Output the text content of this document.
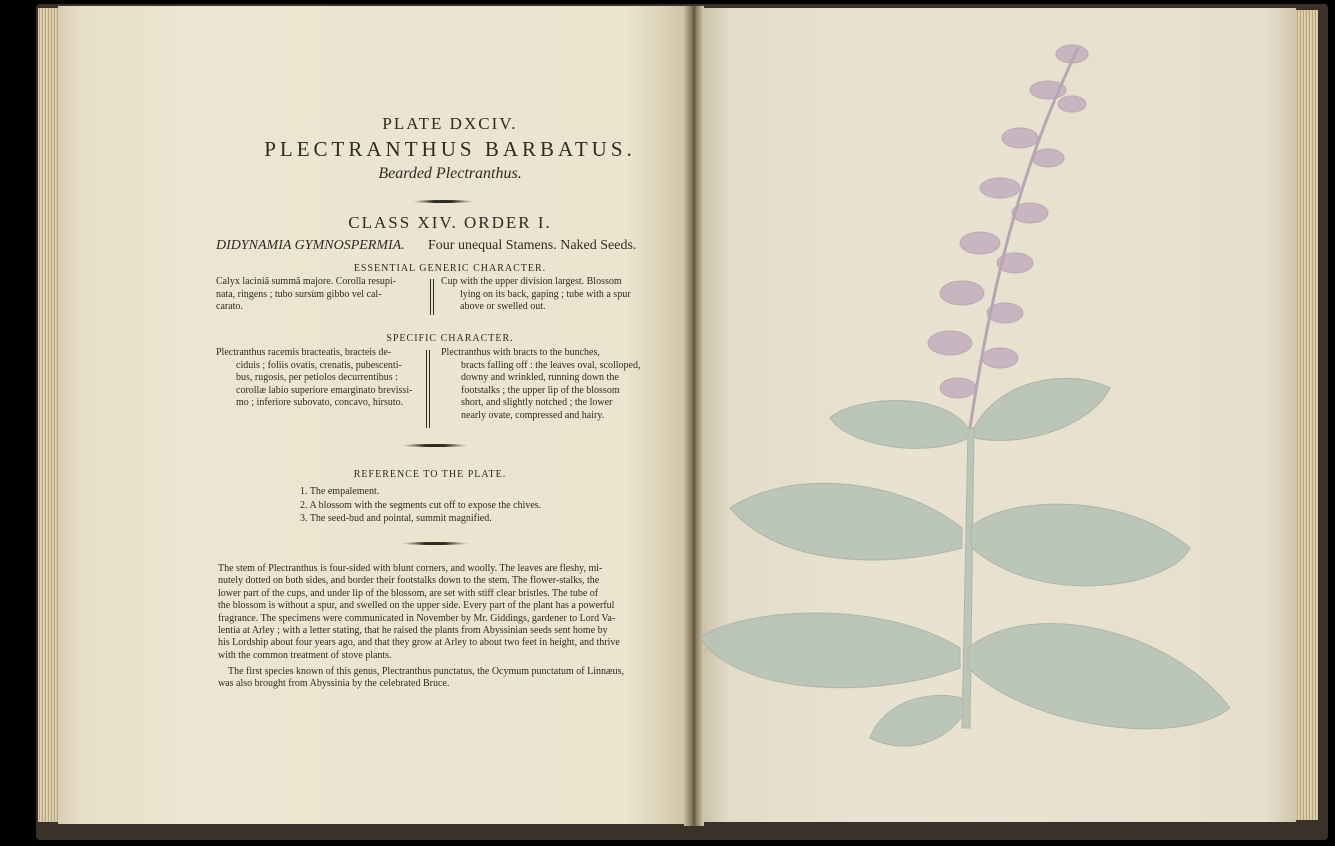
PLATE DXCIV.
PLECTRANTHUS BARBATUS.
Bearded Plectranthus.
CLASS XIV. ORDER I.
DIDYNAMIA GYMNOSPERMIA. Four unequal Stamens. Naked Seeds.
ESSENTIAL GENERIC CHARACTER.
Calyx laciniâ summâ majore. Corolla resupi-
nata, ringens ; tubo sursùm gibbo vel cal-
carato.
Cup with the upper division largest. Blossom
lying on its back, gaping ; tube with a spur
above or swelled out.
SPECIFIC CHARACTER.
Plectranthus racemis bracteatis, bracteis de-
ciduis ; foliis ovatis, crenatis, pubescenti-
bus, rugosis, per petiolos decurrentibus :
corollæ labio superiore emarginato brevissi-
mo ; inferiore subovato, concavo, hirsuto.
Plectranthus with bracts to the bunches,
bracts falling off : the leaves oval, scolloped,
downy and wrinkled, running down the
footstalks ; the upper lip of the blossom
short, and slightly notched ; the lower
nearly ovate, compressed and hairy.
REFERENCE TO THE PLATE.
1. The empalement.
2. A blossom with the segments cut off to expose the chives.
3. The seed-bud and pointal, summit magnified.
The stem of Plectranthus is four-sided with blunt corners, and woolly. The leaves are fleshy, mi-
nutely dotted on both sides, and border their footstalks down to the stem. The flower-stalks, the
lower part of the cups, and under lip of the blossom, are set with stiff clear bristles. The tube of
the blossom is without a spur, and swelled on the upper side. Every part of the plant has a powerful
fragrance. The specimens were communicated in November by Mr. Giddings, gardener to Lord Va-
lentia at Arley ; with a letter stating, that he raised the plants from Abyssinian seeds sent home by
his Lordship about four years ago, and that they grow at Arley to about two feet in height, and thrive
with the common treatment of stove plants.
The first species known of this genus, Plectranthus punctatus, the Ocymum punctatum of Linnæus,
was also brought from Abyssinia by the celebrated Bruce.
